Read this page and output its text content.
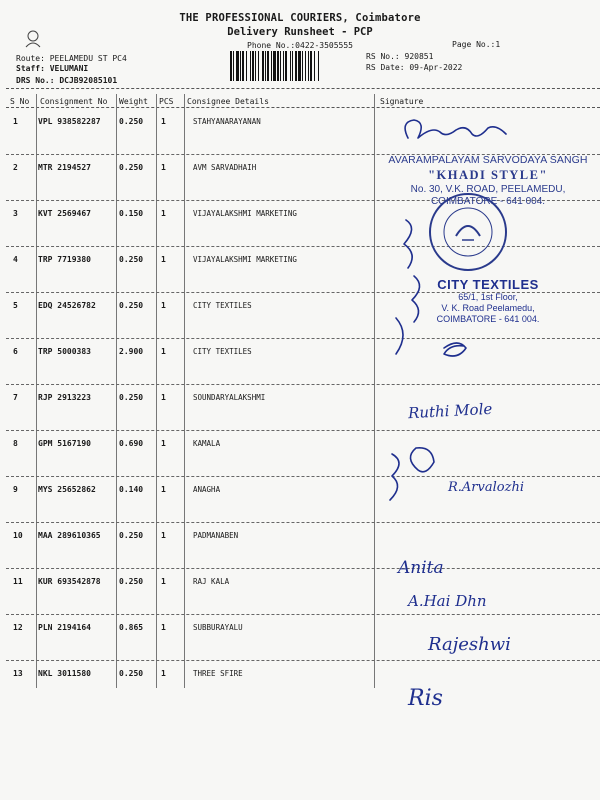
THE PROFESSIONAL COURIERS, Coimbatore
Delivery Runsheet - PCP
Phone No.:0422-3505555	Page No.:1
Route: PEELAMEDU ST PC4
Staff: VELUMANI
DRS No.: DCJB92085101
RS No.: 920851
RS Date: 09-Apr-2022
S No Consignment No Weight PCS Consignee Details	Signature
1	VPL 938582287 0.250 1	STAHYANARAYANAN
2	MTR 2194527	0.250 1	AVM SARVADHAIH
3	KVT 2569467	0.150 1	VIJAYALAKSHMI MARKETING
4	TRP 7719380	0.250 1	VIJAYALAKSHMI MARKETING
5	EDQ 24526782	0.250 1	CITY TEXTILES
6	TRP 5000383	2.900 1	CITY TEXTILES
7	RJP 2913223	0.250 1	SOUNDARYALAKSHMI
8	GPM 5167190	0.690 1	KAMALA
9	MYS 25652862	0.140 1	ANAGHA
10 MAA 289610365 0.250 1	PADMANABEN
11 KUR 693542878 0.250 1	RAJ KALA
12 PLN 2194164	0.865 1	SUBBURAYALU
13 NKL 3011580	0.250 1	THREE SFIRE
AVARAMPALAYAM SARVODAYA SANGH
"KHADI STYLE"
No. 30, V.K. ROAD, PEELAMEDU,
COIMBATORE - 641 004.
CITY TEXTILES
65/1, 1st Floor,
V. K. Road Peelamedu,
COIMBATORE - 641 004.
Ruthi Mole
R.Arvalozhi
Anita
A.Hai Dhn
Rajeshwi
Ris
